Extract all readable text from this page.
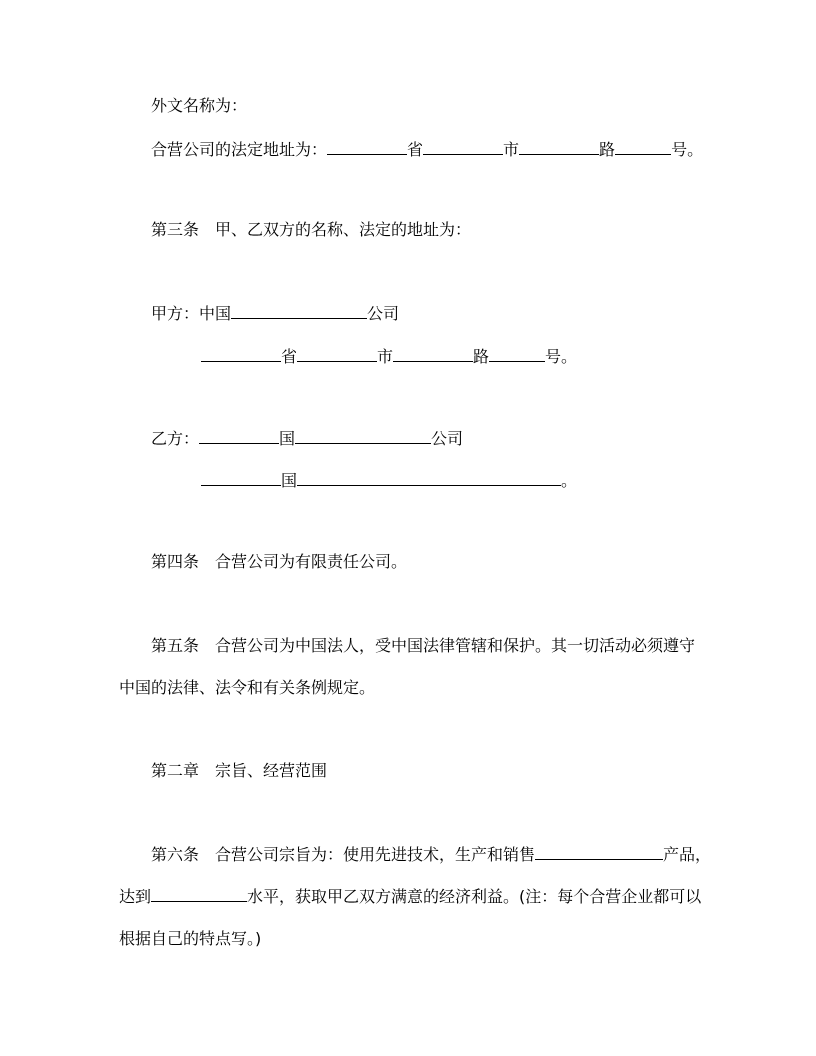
外文名称为：
合营公司的法定地址为：	省	市	路	号。
第三条 甲、乙双方的名称、法定的地址为：
甲方：中国	公司
省	市	路	号。
乙方：	国	公司
国	。
第四条 合营公司为有限责任公司。
第五条 合营公司为中国法人，受中国法律管辖和保护。其一切活动必须遵守
中国的法律、法令和有关条例规定。
第二章 宗旨、经营范围
第六条 合营公司宗旨为：使用先进技术，生产和销售	产品，
达到	水平，获取甲乙双方满意的经济利益。(注：每个合营企业都可以
根据自己的特点写。)
